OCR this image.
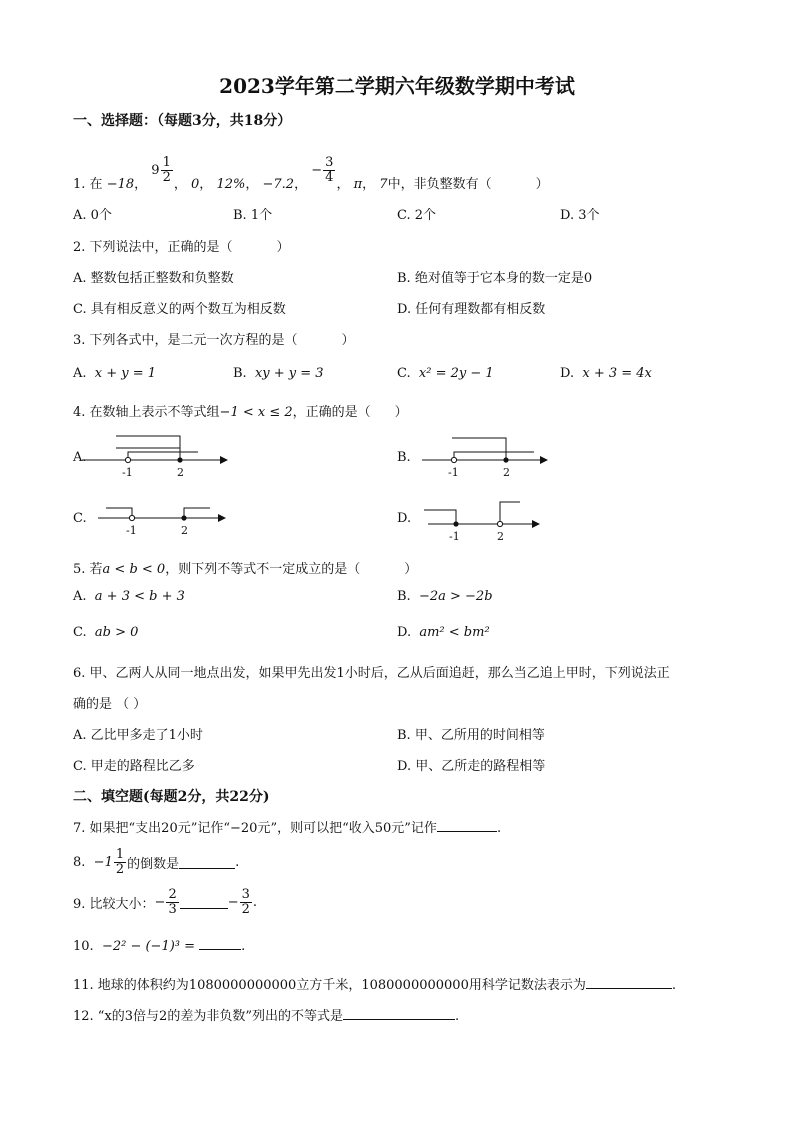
2023学年第二学期六年级数学期中考试
一、选择题：（每题3分，共18分）
1. 在 −18，
$9 \frac{1}{2}$ ， 0， 12%， −7.2，
− $\frac{3}{4}$ ， π， 7中，非负整数有（	）
A. 0个	B. 1个	C. 2个	D. 3个
2. 下列说法中，正确的是（	）
A. 整数包括正整数和负整数	B. 绝对值等于它本身的数一定是0
C. 具有相反意义的两个数互为相反数	D. 任何有理数都有相反数
3. 下列各式中，是二元一次方程的是（	）
A. x + y = 1	B. xy + y = 3	C. x² = 2y − 1	D. x + 3 = 4x
4. 在数轴上表示不等式组−1 < x ≤ 2，正确的是（ ）
A.
-1	2
B.
-1	2
C.
-1	2
D.
-1	2
5. 若a < b < 0，则下列不等式不一定成立的是（	）
A. a + 3 < b + 3	B. −2a > −2b
C. ab > 0	D. am² < bm²
6. 甲、乙两人从同一地点出发，如果甲先出发1小时后，乙从后面追赶，那么当乙追上甲时，下列说法正
确的是 （ ）
A. 乙比甲多走了1小时	B. 甲、乙所用的时间相等
C. 甲走的路程比乙多	D. 甲、乙所走的路程相等
二、填空题(每题2分，共22分)
7. 如果把“支出20元”记作“−20元”，则可以把“收入50元”记作	.
8.
$-1 \frac{1}{2}$ 的倒数是	.
9. 比较大小： − $\frac{2}{3}$	− $\frac{3}{2}$ .
10. −2² − (−1)³ =	.
11. 地球的体积约为1080000000000立方千米，1080000000000用科学记数法表示为	.
12. “x的3倍与2的差为非负数”列出的不等式是	.
